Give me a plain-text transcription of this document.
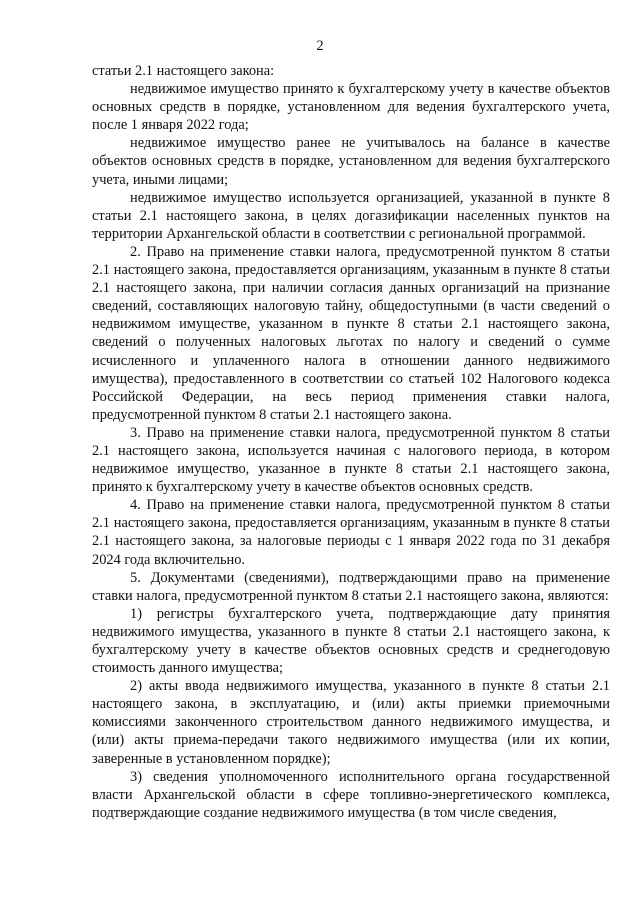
2

статьи 2.1 настоящего закона:

недвижимое имущество принято к бухгалтерскому учету в качестве объектов основных средств в порядке, установленном для ведения бухгалтерского учета, после 1 января 2022 года;

недвижимое имущество ранее не учитывалось на балансе в качестве объектов основных средств в порядке, установленном для ведения бухгалтерского учета, иными лицами;

недвижимое имущество используется организацией, указанной в пункте 8 статьи 2.1 настоящего закона, в целях догазификации населенных пунктов на территории Архангельской области в соответствии с региональной программой.

2. Право на применение ставки налога, предусмотренной пунктом 8 статьи 2.1 настоящего закона, предоставляется организациям, указанным в пункте 8 статьи 2.1 настоящего закона, при наличии согласия данных организаций на признание сведений, составляющих налоговую тайну, общедоступными (в части сведений о недвижимом имуществе, указанном в пункте 8 статьи 2.1 настоящего закона, сведений о полученных налоговых льготах по налогу и сведений о сумме исчисленного и уплаченного налога в отношении данного недвижимого имущества), предоставленного в соответствии со статьей 102 Налогового кодекса Российской Федерации, на весь период применения ставки налога, предусмотренной пунктом 8 статьи 2.1 настоящего закона.

3. Право на применение ставки налога, предусмотренной пунктом 8 статьи 2.1 настоящего закона, используется начиная с налогового периода, в котором недвижимое имущество, указанное в пункте 8 статьи 2.1 настоящего закона, принято к бухгалтерскому учету в качестве объектов основных средств.

4. Право на применение ставки налога, предусмотренной пунктом 8 статьи 2.1 настоящего закона, предоставляется организациям, указанным в пункте 8 статьи 2.1 настоящего закона, за налоговые периоды с 1 января 2022 года по 31 декабря 2024 года включительно.

5. Документами (сведениями), подтверждающими право на применение ставки налога, предусмотренной пунктом 8 статьи 2.1 настоящего закона, являются:

1) регистры бухгалтерского учета, подтверждающие дату принятия недвижимого имущества, указанного в пункте 8 статьи 2.1 настоящего закона, к бухгалтерскому учету в качестве объектов основных средств и среднегодовую стоимость данного имущества;

2) акты ввода недвижимого имущества, указанного в пункте 8 статьи 2.1 настоящего закона, в эксплуатацию, и (или) акты приемки приемочными комиссиями законченного строительством данного недвижимого имущества, и (или) акты приема-передачи такого недвижимого имущества (или их копии, заверенные в установленном порядке);

3) сведения уполномоченного исполнительного органа государственной власти Архангельской области в сфере топливно-энергетического комплекса, подтверждающие создание недвижимого имущества (в том числе сведения,
